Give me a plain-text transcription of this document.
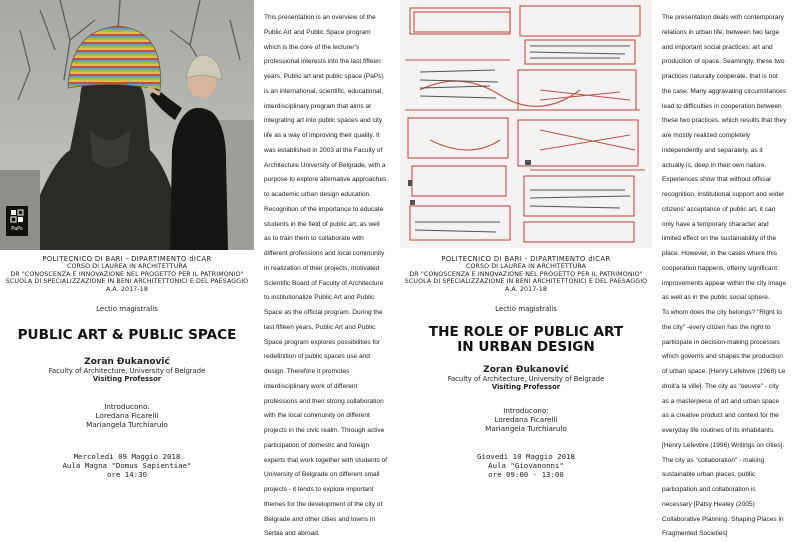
PaPs
POLITECNICO DI BARI - DIPARTIMENTO dICAR
CORSO DI LAUREA IN ARCHITETTURA
DR "CONOSCENZA E INNOVAZIONE NEL PROGETTO PER IL PATRIMONIO"
SCUOLA DI SPECIALIZZAZIONE IN BENI ARCHITETTONICI E DEL PAESAGGIO
A.A. 2017-18
Lectio magistralis
PUBLIC ART & PUBLIC SPACE
Zoran Đukanović
Faculty of Architecture, University of Belgrade
Visiting Professor
Introducono:
Loredana Ficarelli
Mariangela Turchiarulo
Mercoledì 09 Maggio 2018
Aula Magna "Domus Sapientiae"
ore 14:30
This presentation is an overview of the
Public Art and Public Space program
which is the core of the lecturer's
professional interests into the last fifteen
years. Public art and public space (PaPs)
is an international, scientific, educational,
interdisciplinary program that aims at
integrating art into public spaces and city
life as a way of improving their quality. It
was established in 2003 at the Faculty of
Architecture University of Belgrade, with a
purpose to explore alternative approaches
to academic urban design education.
Recognition of the importance to educate
students in the field of public art, as well
as to train them to collaborate with
different professions and local community
in realization of their projects, motivated
Scientific Board of Faculty of Architecture
to institutionalize Public Art and Public
Space as the official program. During the
last fifteen years, Public Art and Public
Space program explores possibilities for
redefinition of public spaces use and
design. Therefore it promotes
interdisciplinary work of different
professions and their strong collaboration
with the local community on different
projects in the civic realm. Through active
participation of domestic and foreign
experts that work together with students of
University of Belgrade on different small
projects - it tends to explore important
themes for the development of the city of
Belgrade and other cities and towns in
Serbia and abroad.
POLITECNICO DI BARI - DIPARTIMENTO dICAR
CORSO DI LAUREA IN ARCHITETTURA
DR "CONOSCENZA E INNOVAZIONE NEL PROGETTO PER IL PATRIMONIO"
SCUOLA DI SPECIALIZZAZIONE IN BENI ARCHITETTONICI E DEL PAESAGGIO
A.A. 2017-18
Lectio magistralis
THE ROLE OF PUBLIC ART
IN URBAN DESIGN
Zoran Đukanović
Faculty of Architecture, University of Belgrade
Visiting Professor
Introducono:
Loredana Ficarelli
Mariangela Turchiarulo
Giovedì 10 Maggio 2018
Aula "Giovanonni"
ore 09:00 - 13:00
The presentation deals with contemporary
relations in urban life; between two large
and important social practices: art and
production of space. Seamingly, these two
practices naturally cooperate, that is not
the case. Many aggravating circumstances
lead to difficulties in cooperation between
these two practices, which results that they
are mostly realized completely
independently and separately, as it
actually is, deep in their own nature.
Experiences show that without official
recognition, institutional support and wider
citizens' acceptance of public art, it can
only have a temporary character and
limited effect on the sustainability of the
place. However, in the cases where this
cooperation happens, oftenly significant
improvements appear within the city image
as well as in the public social sphere.
To whom does the city belongs? "Right to
the city" -every citizen has the right to
participate in decision-making processes
which governs and shapes the production
of urban space. [Henry Lefebvre (1968) Le
droit'a la ville]. The city as "oeuvre" - city
as a masterpiece of art and urban space
as a creative product and context for the
everyday life routines of its inhabitants.
[Henry Lefevbre (1996) Writings on cities].
The city as "collaboration" - making
sustainable urban places, public
participation and collaboration is
necessary [Patsy Healey (2005)
Collaborative Planning: Shaping Places in
Fragmented Societies]
